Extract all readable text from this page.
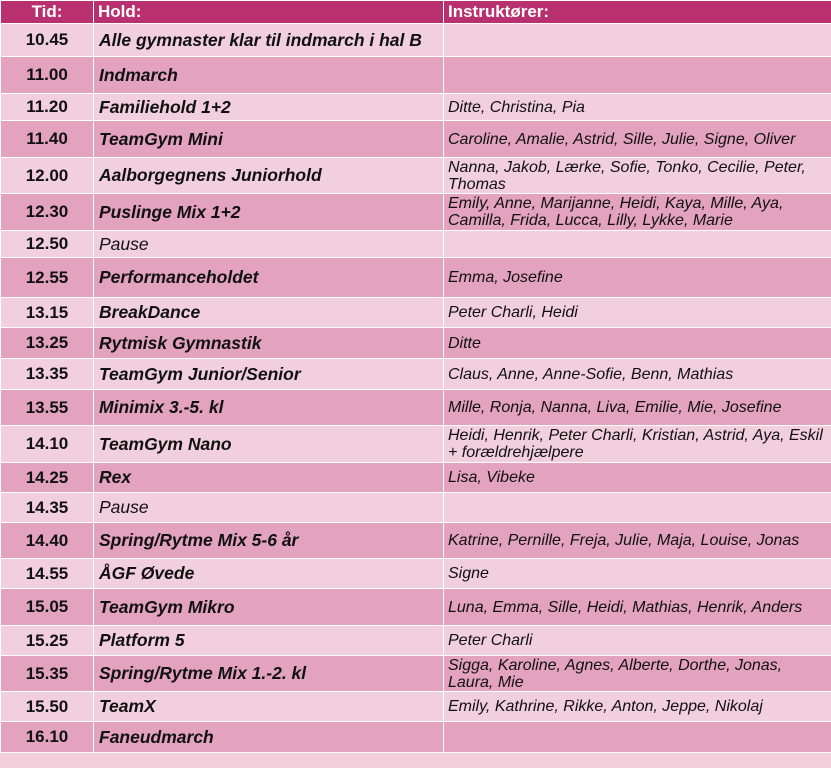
Tid:	Hold:	Instruktører:
10.45	Alle gymnaster klar til indmarch i hal B	
11.00	Indmarch	
11.20	Familiehold 1+2	Ditte, Christina, Pia
11.40	TeamGym Mini	Caroline, Amalie, Astrid, Sille, Julie, Signe, Oliver
12.00	Aalborgegnens Juniorhold	Nanna, Jakob, Lærke, Sofie, Tonko, Cecilie, Peter, Thomas
12.30	Puslinge Mix 1+2	Emily, Anne, Marijanne, Heidi, Kaya, Mille, Aya, Camilla, Frida, Lucca, Lilly, Lykke, Marie
12.50	Pause	
12.55	Performanceholdet	Emma, Josefine
13.15	BreakDance	Peter Charli, Heidi
13.25	Rytmisk Gymnastik	Ditte
13.35	TeamGym Junior/Senior	Claus, Anne, Anne-Sofie, Benn, Mathias
13.55	Minimix 3.-5. kl	Mille, Ronja, Nanna, Liva, Emilie, Mie, Josefine
14.10	TeamGym Nano	Heidi, Henrik, Peter Charli, Kristian, Astrid, Aya, Eskil + forældrehjælpere
14.25	Rex	Lisa, Vibeke
14.35	Pause	
14.40	Spring/Rytme Mix 5-6 år	Katrine, Pernille, Freja, Julie, Maja, Louise, Jonas
14.55	ÅGF Øvede	Signe
15.05	TeamGym Mikro	Luna, Emma, Sille, Heidi, Mathias, Henrik, Anders
15.25	Platform 5	Peter Charli
15.35	Spring/Rytme Mix 1.-2. kl	Sigga, Karoline, Agnes, Alberte, Dorthe, Jonas, Laura, Mie
15.50	TeamX	Emily, Kathrine, Rikke, Anton, Jeppe, Nikolaj
16.10	Faneudmarch	
